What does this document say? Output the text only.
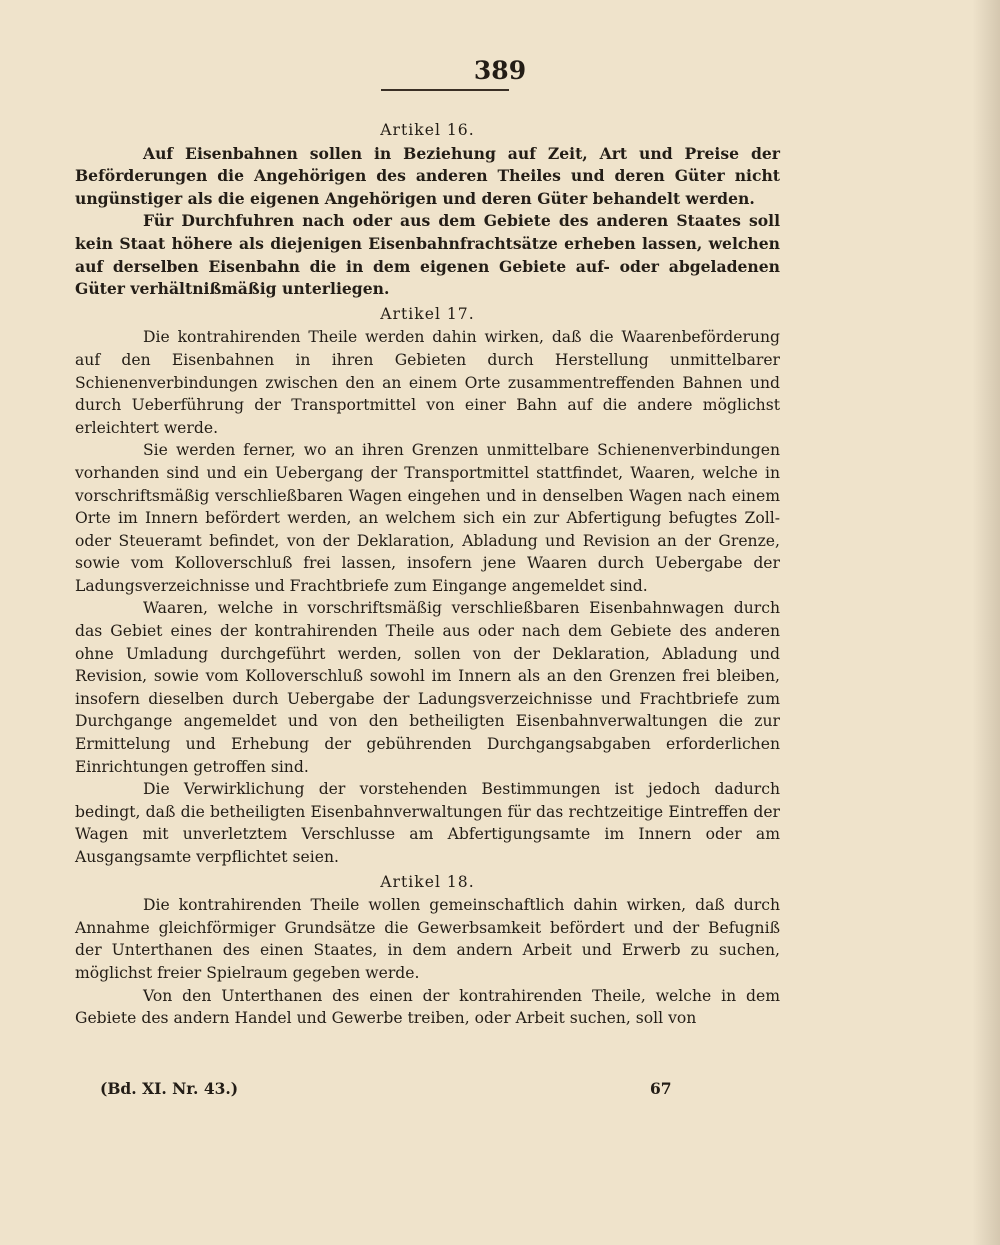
389
Artikel 16.

Auf Eisenbahnen sollen in Beziehung auf Zeit, Art und Preise der Beförderungen die Angehörigen des anderen Theiles und deren Güter nicht ungünstiger als die eigenen Angehörigen und deren Güter behandelt werden.

Für Durchfuhren nach oder aus dem Gebiete des anderen Staates soll kein Staat höhere als diejenigen Eisenbahnfrachtsätze erheben lassen, welchen auf derselben Eisenbahn die in dem eigenen Gebiete auf- oder abgeladenen Güter verhältnißmäßig unterliegen.

Artikel 17.

Die kontrahirenden Theile werden dahin wirken, daß die Waarenbeförderung auf den Eisenbahnen in ihren Gebieten durch Herstellung unmittelbarer Schienenverbindungen zwischen den an einem Orte zusammentreffenden Bahnen und durch Ueberführung der Transportmittel von einer Bahn auf die andere möglichst erleichtert werde.

Sie werden ferner, wo an ihren Grenzen unmittelbare Schienenverbindungen vorhanden sind und ein Uebergang der Transportmittel stattfindet, Waaren, welche in vorschriftsmäßig verschließbaren Wagen eingehen und in denselben Wagen nach einem Orte im Innern befördert werden, an welchem sich ein zur Abfertigung befugtes Zoll- oder Steueramt befindet, von der Deklaration, Abladung und Revision an der Grenze, sowie vom Kolloverschluß frei lassen, insofern jene Waaren durch Uebergabe der Ladungsverzeichnisse und Frachtbriefe zum Eingange angemeldet sind.

Waaren, welche in vorschriftsmäßig verschließbaren Eisenbahnwagen durch das Gebiet eines der kontrahirenden Theile aus oder nach dem Gebiete des anderen ohne Umladung durchgeführt werden, sollen von der Deklaration, Abladung und Revision, sowie vom Kolloverschluß sowohl im Innern als an den Grenzen frei bleiben, insofern dieselben durch Uebergabe der Ladungsverzeichnisse und Frachtbriefe zum Durchgange angemeldet und von den betheiligten Eisenbahnverwaltungen die zur Ermittelung und Erhebung der gebührenden Durchgangsabgaben erforderlichen Einrichtungen getroffen sind.

Die Verwirklichung der vorstehenden Bestimmungen ist jedoch dadurch bedingt, daß die betheiligten Eisenbahnverwaltungen für das rechtzeitige Eintreffen der Wagen mit unverletztem Verschlusse am Abfertigungsamte im Innern oder am Ausgangsamte verpflichtet seien.

Artikel 18.

Die kontrahirenden Theile wollen gemeinschaftlich dahin wirken, daß durch Annahme gleichförmiger Grundsätze die Gewerbsamkeit befördert und der Befugniß der Unterthanen des einen Staates, in dem andern Arbeit und Erwerb zu suchen, möglichst freier Spielraum gegeben werde.

Von den Unterthanen des einen der kontrahirenden Theile, welche in dem Gebiete des andern Handel und Gewerbe treiben, oder Arbeit suchen, soll von

(Bd. XI. Nr. 43.)	67
